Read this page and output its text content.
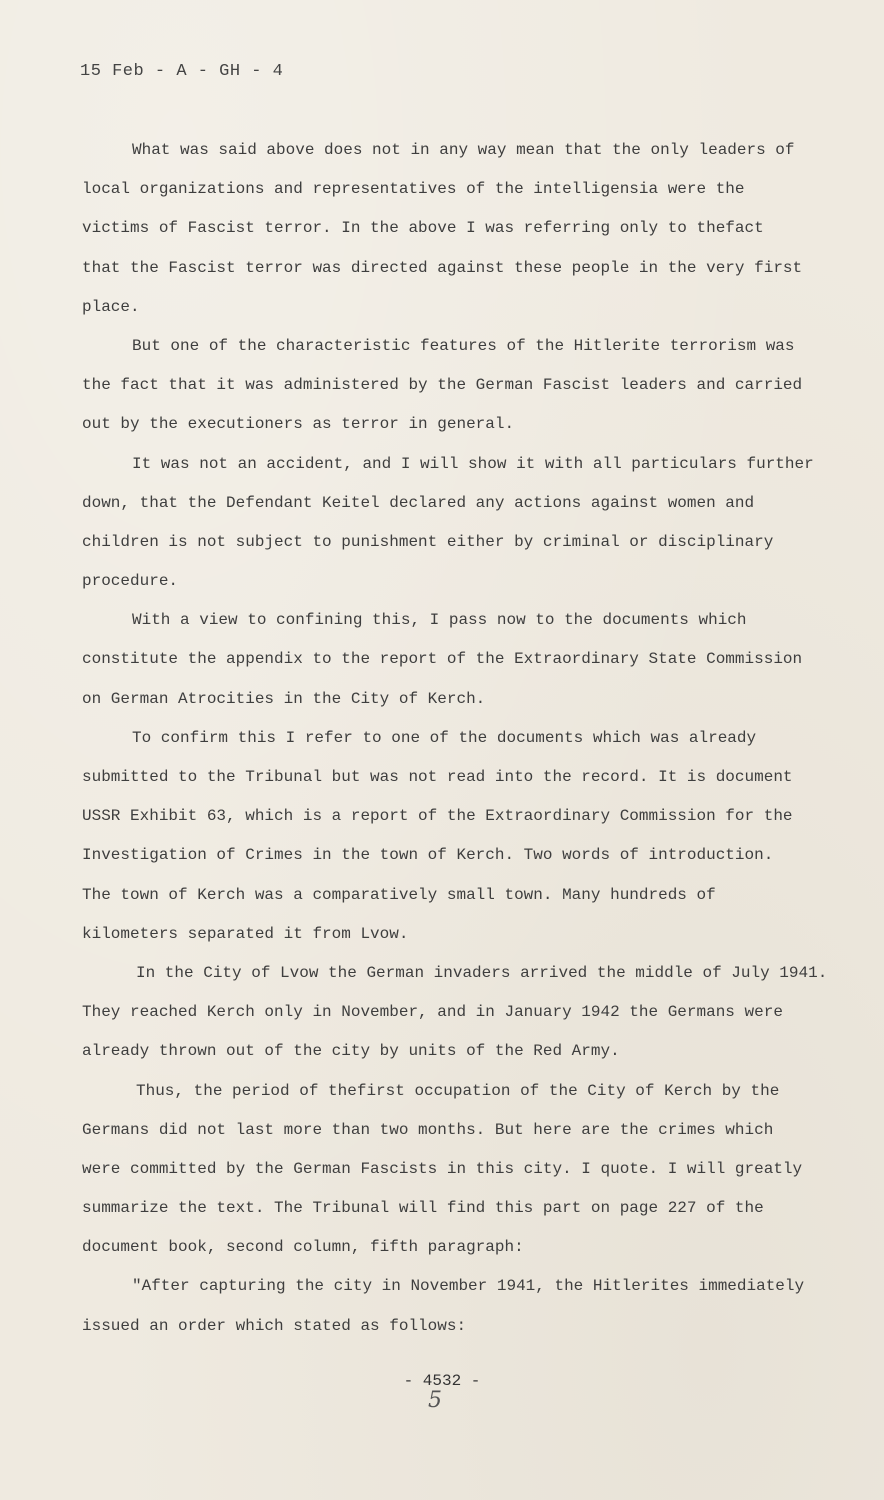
15 Feb - A - GH - 4
What was said above does not in any way mean that the only leaders of
local organizations and representatives of the intelligensia were the
victims of Fascist terror. In the above I was referring only to thefact
that the Fascist terror was directed against these people in the very first
place.
But one of the characteristic features of the Hitlerite terrorism was
the fact that it was administered by the German Fascist leaders and carried
out by the executioners as terror in general.
It was not an accident, and I will show it with all particulars further
down, that the Defendant Keitel declared any actions against women and
children is not subject to punishment either by criminal or disciplinary
procedure.
With a view to confining this, I pass now to the documents which
constitute the appendix to the report of the Extraordinary State Commission
on German Atrocities in the City of Kerch.
To confirm this I refer to one of the documents which was already
submitted to the Tribunal but was not read into the record. It is document
USSR Exhibit 63, which is a report of the Extraordinary Commission for the
Investigation of Crimes in the town of Kerch. Two words of introduction.
The town of Kerch was a comparatively small town. Many hundreds of
kilometers separated it from Lvow.
In the City of Lvow the German invaders arrived the middle of July 1941.
They reached Kerch only in November, and in January 1942 the Germans were
already thrown out of the city by units of the Red Army.
Thus, the period of thefirst occupation of the City of Kerch by the
Germans did not last more than two months. But here are the crimes which
were committed by the German Fascists in this city. I quote. I will greatly
summarize the text. The Tribunal will find this part on page 227 of the
document book, second column, fifth paragraph:
"After capturing the city in November 1941, the Hitlerites immediately
issued an order which stated as follows:
- 4532 -
5
